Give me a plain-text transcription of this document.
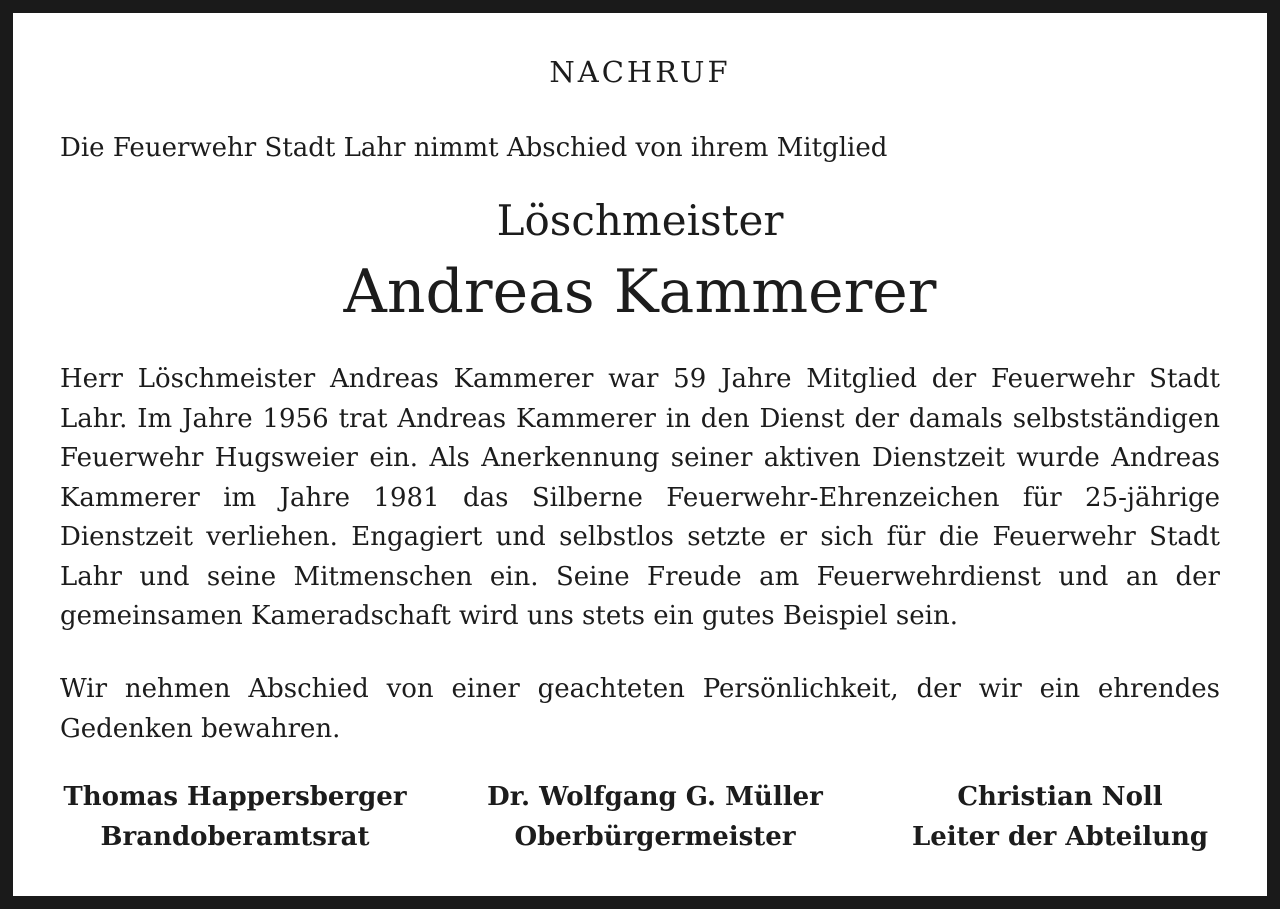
NACHRUF
Die Feuerwehr Stadt Lahr nimmt Abschied von ihrem Mitglied
Löschmeister
Andreas Kammerer

Herr Löschmeister Andreas Kammerer war 59 Jahre Mitglied der Feuerwehr Stadt Lahr. Im Jahre 1956 trat Andreas Kammerer in den Dienst der damals selbstständigen Feuerwehr Hugsweier ein. Als Anerkennung seiner aktiven Dienstzeit wurde Andreas Kammerer im Jahre 1981 das Silberne Feuerwehr-Ehrenzeichen für 25-jährige Dienstzeit verliehen. Engagiert und selbstlos setzte er sich für die Feuerwehr Stadt Lahr und seine Mitmenschen ein. Seine Freude am Feuerwehrdienst und an der gemeinsamen Kameradschaft wird uns stets ein gutes Beispiel sein.

Wir nehmen Abschied von einer geachteten Persönlichkeit, der wir ein ehrendes Gedenken bewahren.

Thomas Happersberger
Brandoberamtsrat
Dr. Wolfgang G. Müller
Oberbürgermeister
Christian Noll
Leiter der Abteilung
